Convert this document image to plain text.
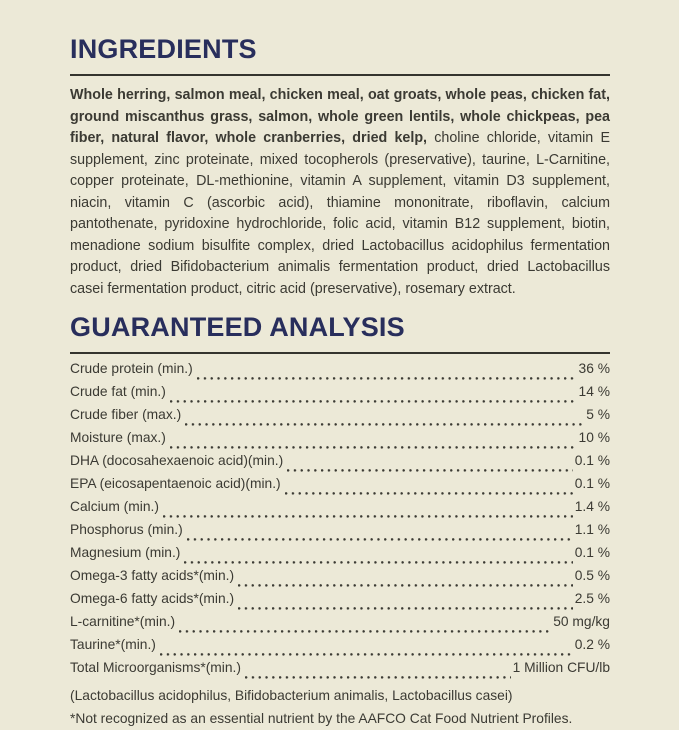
INGREDIENTS

Whole herring, salmon meal, chicken meal, oat groats, whole peas, chicken fat, ground miscanthus grass, salmon, whole green lentils, whole chickpeas, pea fiber, natural flavor, whole cranberries, dried kelp, choline chloride, vitamin E supplement, zinc proteinate, mixed tocopherols (preservative), taurine, L-Carnitine, copper proteinate, DL-methionine, vitamin A supplement, vitamin D3 supplement, niacin, vitamin C (ascorbic acid), thiamine mononitrate, riboflavin, calcium pantothenate, pyridoxine hydrochloride, folic acid, vitamin B12 supplement, biotin, menadione sodium bisulfite complex, dried Lactobacillus acidophilus fermentation product, dried Bifidobacterium animalis fermentation product, dried Lactobacillus casei fermentation product, citric acid (preservative), rosemary extract.

GUARANTEED ANALYSIS
Crude protein (min.)	36 %
Crude fat (min.)	14 %
Crude fiber (max.)	5 %
Moisture (max.)	10 %
DHA (docosahexaenoic acid)(min.)	0.1 %
EPA (eicosapentaenoic acid)(min.)	0.1 %
Calcium (min.)	1.4 %
Phosphorus (min.)	1.1 %
Magnesium (min.)	0.1 %
Omega-3 fatty acids*(min.)	0.5 %
Omega-6 fatty acids*(min.)	2.5 %
L-carnitine*(min.)	50 mg/kg
Taurine*(min.)	0.2 %
Total Microorganisms*(min.)	1 Million CFU/lb
(Lactobacillus acidophilus, Bifidobacterium animalis, Lactobacillus casei)
*Not recognized as an essential nutrient by the AAFCO Cat Food Nutrient Profiles.
